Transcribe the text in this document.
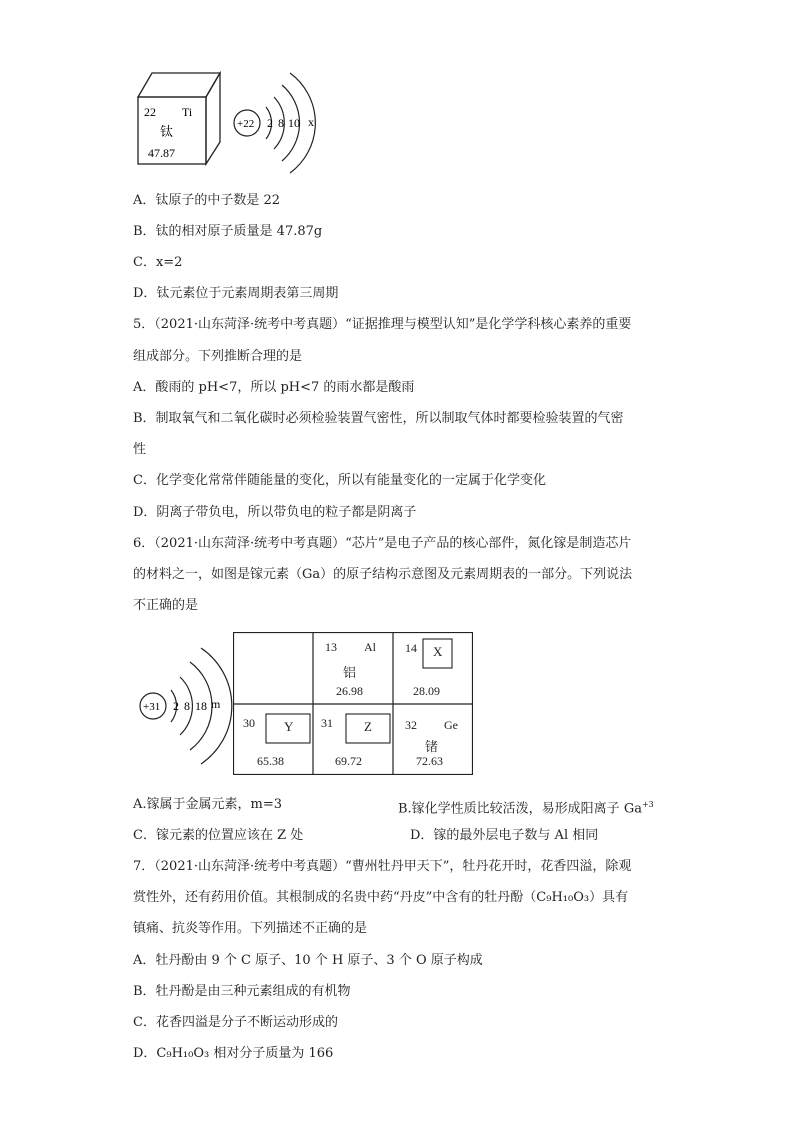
22 Ti
钛
47.87
+22 2 8 10 x
A．钛原子的中子数是 22
B．钛的相对原子质量是 47.87g
C．x=2
D．钛元素位于元素周期表第三周期
5．（2021·山东菏泽·统考中考真题）“证据推理与模型认知”是化学学科核心素养的重要
组成部分。下列推断合理的是
A．酸雨的 pH<7，所以 pH<7 的雨水都是酸雨
B．制取氧气和二氧化碳时必须检验装置气密性，所以制取气体时都要检验装置的气密
性
C．化学变化常常伴随能量的变化，所以有能量变化的一定属于化学变化
D．阴离子带负电，所以带负电的粒子都是阴离子
6．（2021·山东菏泽·统考中考真题）“芯片”是电子产品的核心部件，氮化镓是制造芯片
的材料之一，如图是镓元素（Ga）的原子结构示意图及元素周期表的一部分。下列说法
不正确的是
+31 2 8 18 m
13 Al
铝
26.98
14 X
28.09
30 Y
65.38
31 Z
69.72
32 Ge
锗
72.63
A.镓属于金属元素，m=3	B.镓化学性质比较活泼，易形成阳离子 $Ga^{+3}$
C．镓元素的位置应该在 Z 处	D．镓的最外层电子数与 Al 相同
7．（2021·山东菏泽·统考中考真题）“曹州牡丹甲天下”，牡丹花开时，花香四溢，除观
赏性外，还有药用价值。其根制成的名贵中药“丹皮”中含有的牡丹酚（C₉H₁₀O₃）具有
镇痛、抗炎等作用。下列描述不正确的是
A．牡丹酚由 9 个 C 原子、10 个 H 原子、3 个 O 原子构成
B．牡丹酚是由三种元素组成的有机物
C．花香四溢是分子不断运动形成的
D．C₉H₁₀O₃ 相对分子质量为 166
